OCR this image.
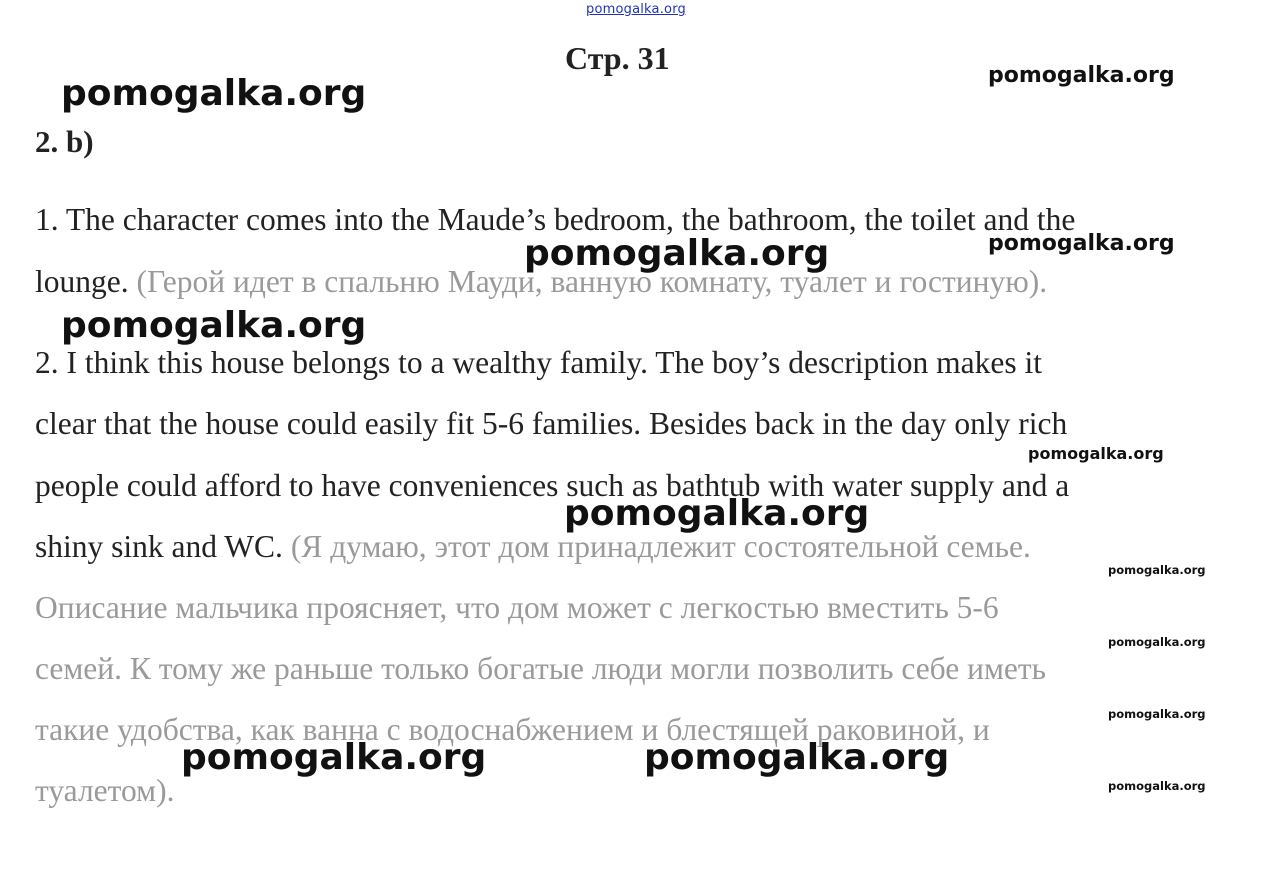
pomogalka.org
Стр. 31
2. b)
1. The character comes into the Maude’s bedroom, the bathroom, the toilet and the
lounge. (Герой идет в спальню Мауди, ванную комнату, туалет и гостиную).
2. I think this house belongs to a wealthy family. The boy’s description makes it
clear that the house could easily fit 5-6 families. Besides back in the day only rich
people could afford to have conveniences such as bathtub with water supply and a
shiny sink and WC. (Я думаю, этот дом принадлежит состоятельной семье.
Описание мальчика проясняет, что дом может с легкостью вместить 5-6
семей. К тому же раньше только богатые люди могли позволить себе иметь
такие удобства, как ванна с водоснабжением и блестящей раковиной, и
туалетом).
pomogalka.org	pomogalka.org
pomogalka.org	pomogalka.org
pomogalka.org
pomogalka.org
pomogalka.org
pomogalka.org
pomogalka.org
pomogalka.org
pomogalka.org	pomogalka.org
pomogalka.org
